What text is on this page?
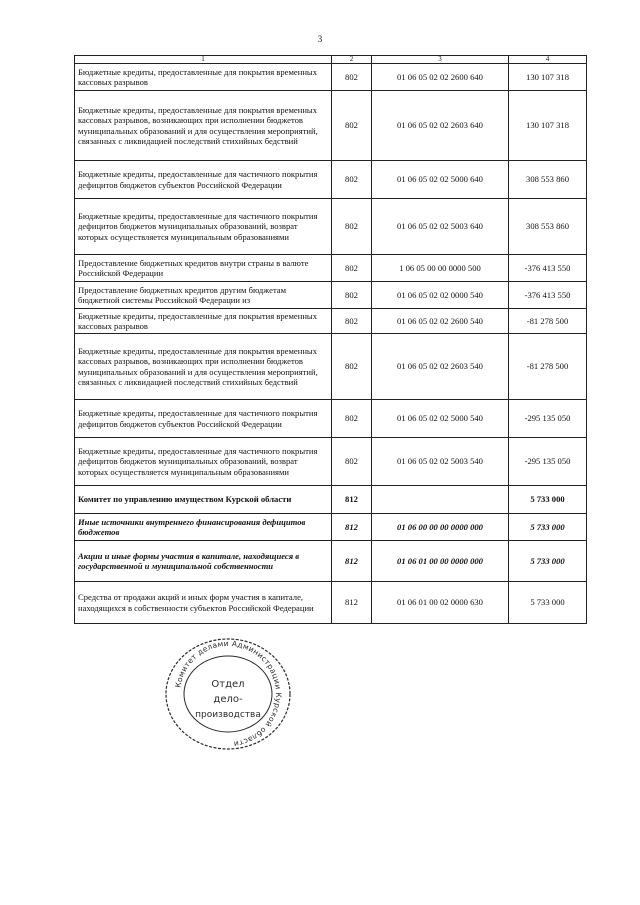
3
1	2	3	4
Бюджетные кредиты, предоставленные для покрытия временных кассовых разрывов	802	01 06 05 02 02 2600 640	130 107 318
Бюджетные кредиты, предоставленные для покрытия временных кассовых разрывов, возникающих при исполнении бюджетов муниципальных образований и для осуществления мероприятий, связанных с ликвидацией последствий стихийных бедствий	802	01 06 05 02 02 2603 640	130 107 318
Бюджетные кредиты, предоставленные для частичного покрытия дефицитов бюджетов субъектов Российской Федерации	802	01 06 05 02 02 5000 640	308 553 860
Бюджетные кредиты, предоставленные для частичного покрытия дефицитов бюджетов муниципальных образований, возврат которых осуществляется муниципальным образованиями	802	01 06 05 02 02 5003 640	308 553 860
Предоставление бюджетных кредитов внутри страны в валюте Российской Федерации	802	1 06 05 00 00 0000 500	-376 413 550
Предоставление бюджетных кредитов другим бюджетам бюджетной системы Российской Федерации из	802	01 06 05 02 02 0000 540	-376 413 550
Бюджетные кредиты, предоставленные для покрытия временных кассовых разрывов	802	01 06 05 02 02 2600 540	-81 278 500
Бюджетные кредиты, предоставленные для покрытия временных кассовых разрывов, возникающих при исполнении бюджетов муниципальных образований и для осуществления мероприятий, связанных с ликвидацией последствий стихийных бедствий	802	01 06 05 02 02 2603 540	-81 278 500
Бюджетные кредиты, предоставленные для частичного покрытия дефицитов бюджетов субъектов Российской Федерации	802	01 06 05 02 02 5000 540	-295 135 050
Бюджетные кредиты, предоставленные для частичного покрытия дефицитов бюджетов муниципальных образований, возврат которых осуществляется муниципальным образованиями	802	01 06 05 02 02 5003 540	-295 135 050
Комитет по управлению имуществом Курской области	812		5 733 000
Иные источники внутреннего финансирования дефицитов бюджетов	812	01 06 00 00 00 0000 000	5 733 000
Акции и иные формы участия в капитале, находящиеся в государственной и муниципальной собственности	812	01 06 01 00 00 0000 000	5 733 000
Средства от продажи акций и иных форм участия в капитале, находящихся в собственности субъектов Российской Федерации	812	01 06 01 00 02 0000 630	5 733 000
Комитет делами Администрации Курской области
Отдел
дело-
производства
